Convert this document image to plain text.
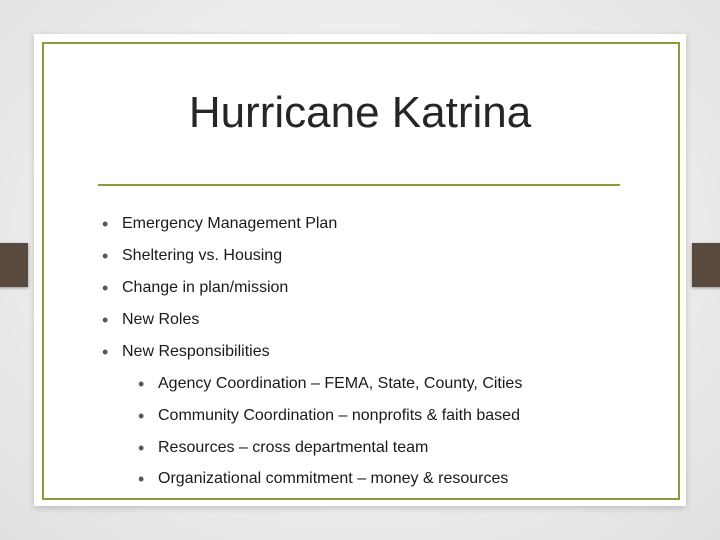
Hurricane Katrina
• Emergency Management Plan
• Sheltering vs. Housing
• Change in plan/mission
• New Roles
• New Responsibilities
• Agency Coordination – FEMA, State, County, Cities
• Community Coordination – nonprofits & faith based
• Resources – cross departmental team
• Organizational commitment – money & resources
